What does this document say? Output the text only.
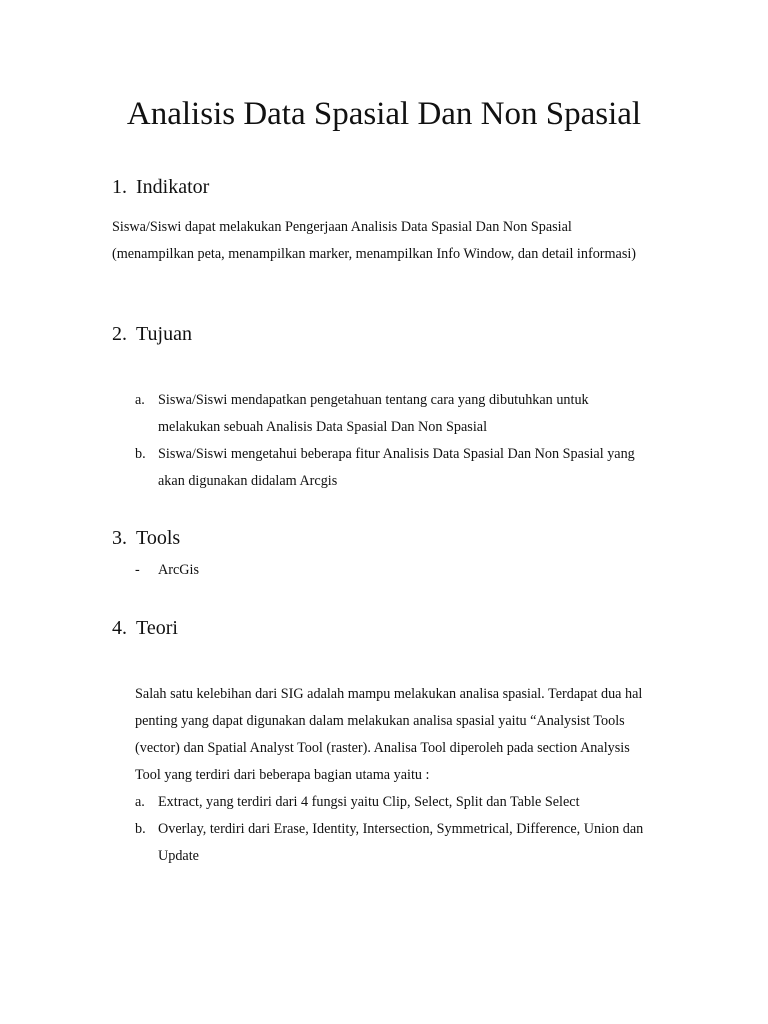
Analisis Data Spasial Dan Non Spasial
1. Indikator
Siswa/Siswi dapat melakukan Pengerjaan Analisis Data Spasial Dan Non Spasial
(menampilkan peta, menampilkan marker, menampilkan Info Window, dan detail informasi)
2. Tujuan
a. Siswa/Siswi mendapatkan pengetahuan tentang cara yang dibutuhkan untuk
melakukan sebuah Analisis Data Spasial Dan Non Spasial
b. Siswa/Siswi mengetahui beberapa fitur Analisis Data Spasial Dan Non Spasial yang
akan digunakan didalam Arcgis
3. Tools
- ArcGis
4. Teori
Salah satu kelebihan dari SIG adalah mampu melakukan analisa spasial. Terdapat dua hal
penting yang dapat digunakan dalam melakukan analisa spasial yaitu “Analysist Tools
(vector) dan Spatial Analyst Tool (raster). Analisa Tool diperoleh pada section Analysis
Tool yang terdiri dari beberapa bagian utama yaitu :
a. Extract, yang terdiri dari 4 fungsi yaitu Clip, Select, Split dan Table Select
b. Overlay, terdiri dari Erase, Identity, Intersection, Symmetrical, Difference, Union dan
Update
